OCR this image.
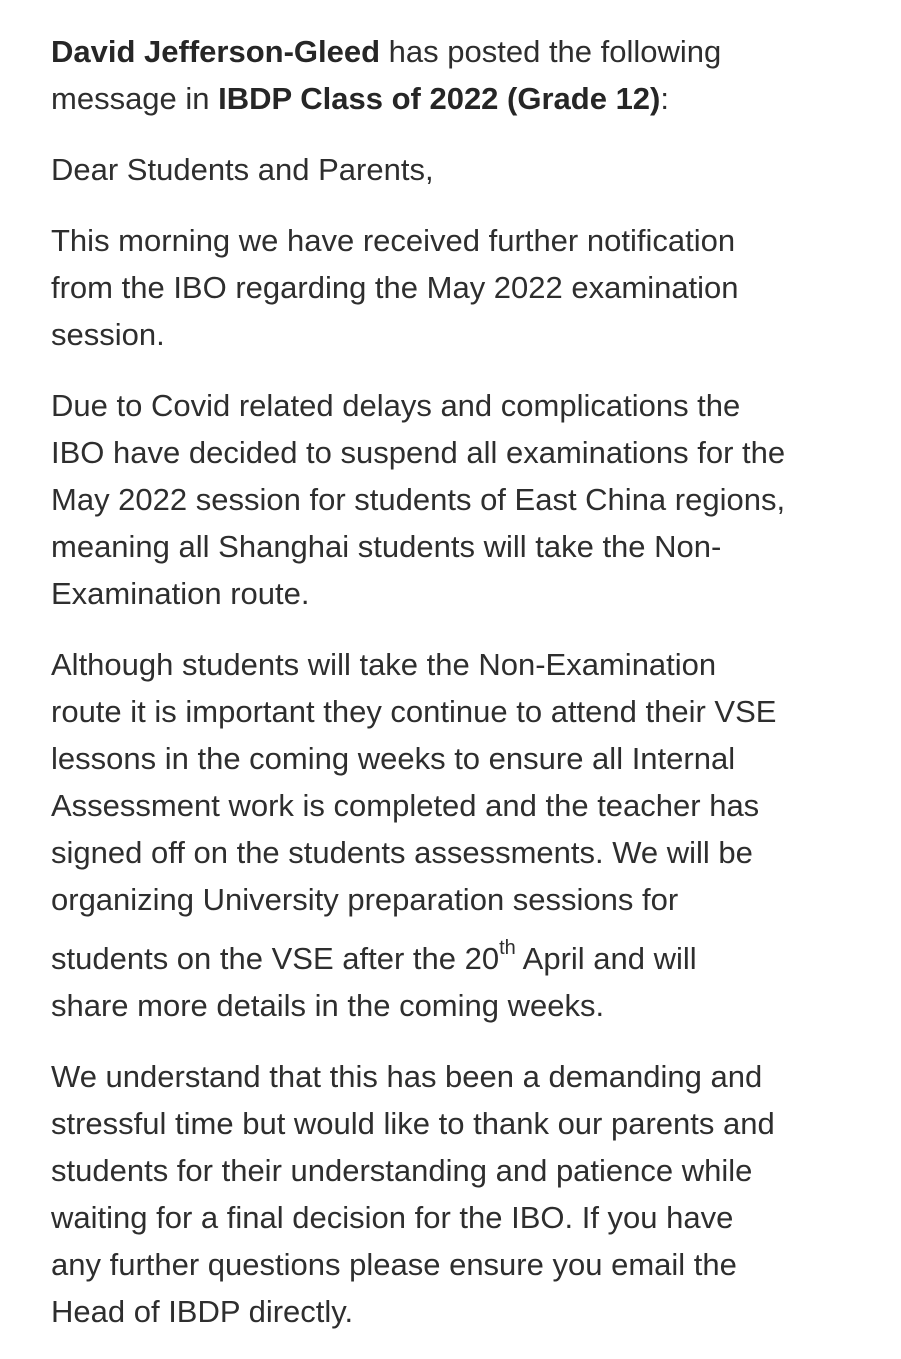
David Jefferson-Gleed has posted the following
message in IBDP Class of 2022 (Grade 12):

Dear Students and Parents,

This morning we have received further notification
from the IBO regarding the May 2022 examination
session.

Due to Covid related delays and complications the
IBO have decided to suspend all examinations for the
May 2022 session for students of East China regions,
meaning all Shanghai students will take the Non-
Examination route.

Although students will take the Non-Examination
route it is important they continue to attend their VSE
lessons in the coming weeks to ensure all Internal
Assessment work is completed and the teacher has
signed off on the students assessments. We will be
organizing University preparation sessions for
students on the VSE after the 20th April and will
share more details in the coming weeks.

We understand that this has been a demanding and
stressful time but would like to thank our parents and
students for their understanding and patience while
waiting for a final decision for the IBO. If you have
any further questions please ensure you email the
Head of IBDP directly.
